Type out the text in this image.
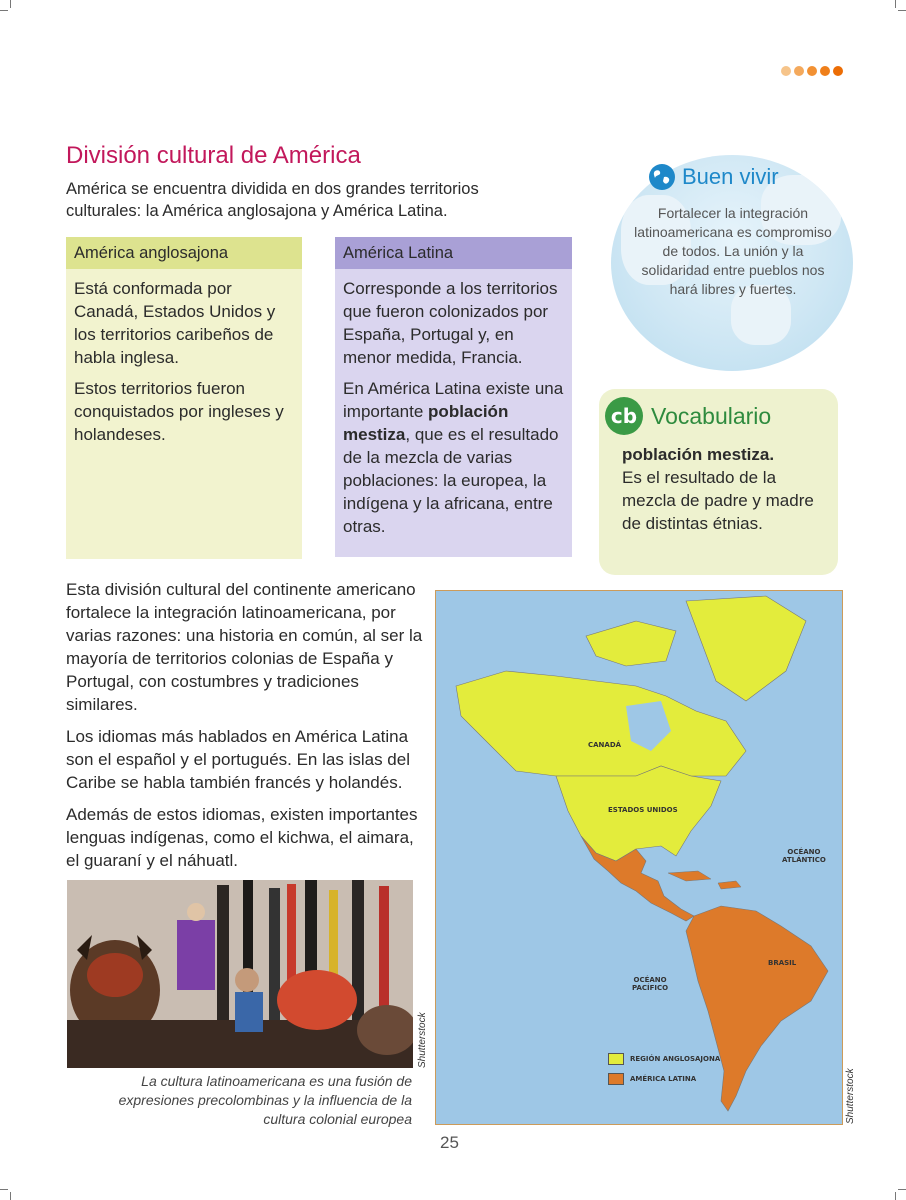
División cultural de América
América se encuentra dividida en dos grandes territorios culturales: la América anglosajona y América Latina.
América anglosajona

Está conformada por Canadá, Estados Unidos y los territorios caribeños de habla inglesa.

Estos territorios fueron conquistados por ingleses y holandeses.

América Latina

Corresponde a los territorios que fueron colonizados por España, Portugal y, en menor medida, Francia.

En América Latina existe una importante población mestiza, que es el resultado de la mezcla de varias poblaciones: la europea, la indígena y la africana, entre otras.

Buen vivir
Fortalecer la integración latinoamericana es compromiso de todos. La unión y la solidaridad entre pueblos nos hará libres y fuertes.
cb Vocabulario
población mestiza.
Es el resultado de la mezcla de padre y madre de distintas étnias.

Esta división cultural del continente americano fortalece la integración latinoamericana, por varias razones: una historia en común, al ser la mayoría de territorios colonias de España y Portugal, con costumbres y tradiciones similares.

Los idiomas más hablados en América Latina son el español y el portugués. En las islas del Caribe se habla también francés y holandés.

Además de estos idiomas, existen importantes lenguas indígenas, como el kichwa, el aimara, el guaraní y el náhuatl.

Shutterstock
La cultura latinoamericana es una fusión de expresiones precolombinas y la influencia de la cultura colonial europea
CANADÁ
ESTADOS UNIDOS
OCÉANO
ATLÁNTICO
OCÉANO
PACÍFICO
BRASIL
REGIÓN ANGLOSAJONA
AMÉRICA LATINA	Shutterstock
25
